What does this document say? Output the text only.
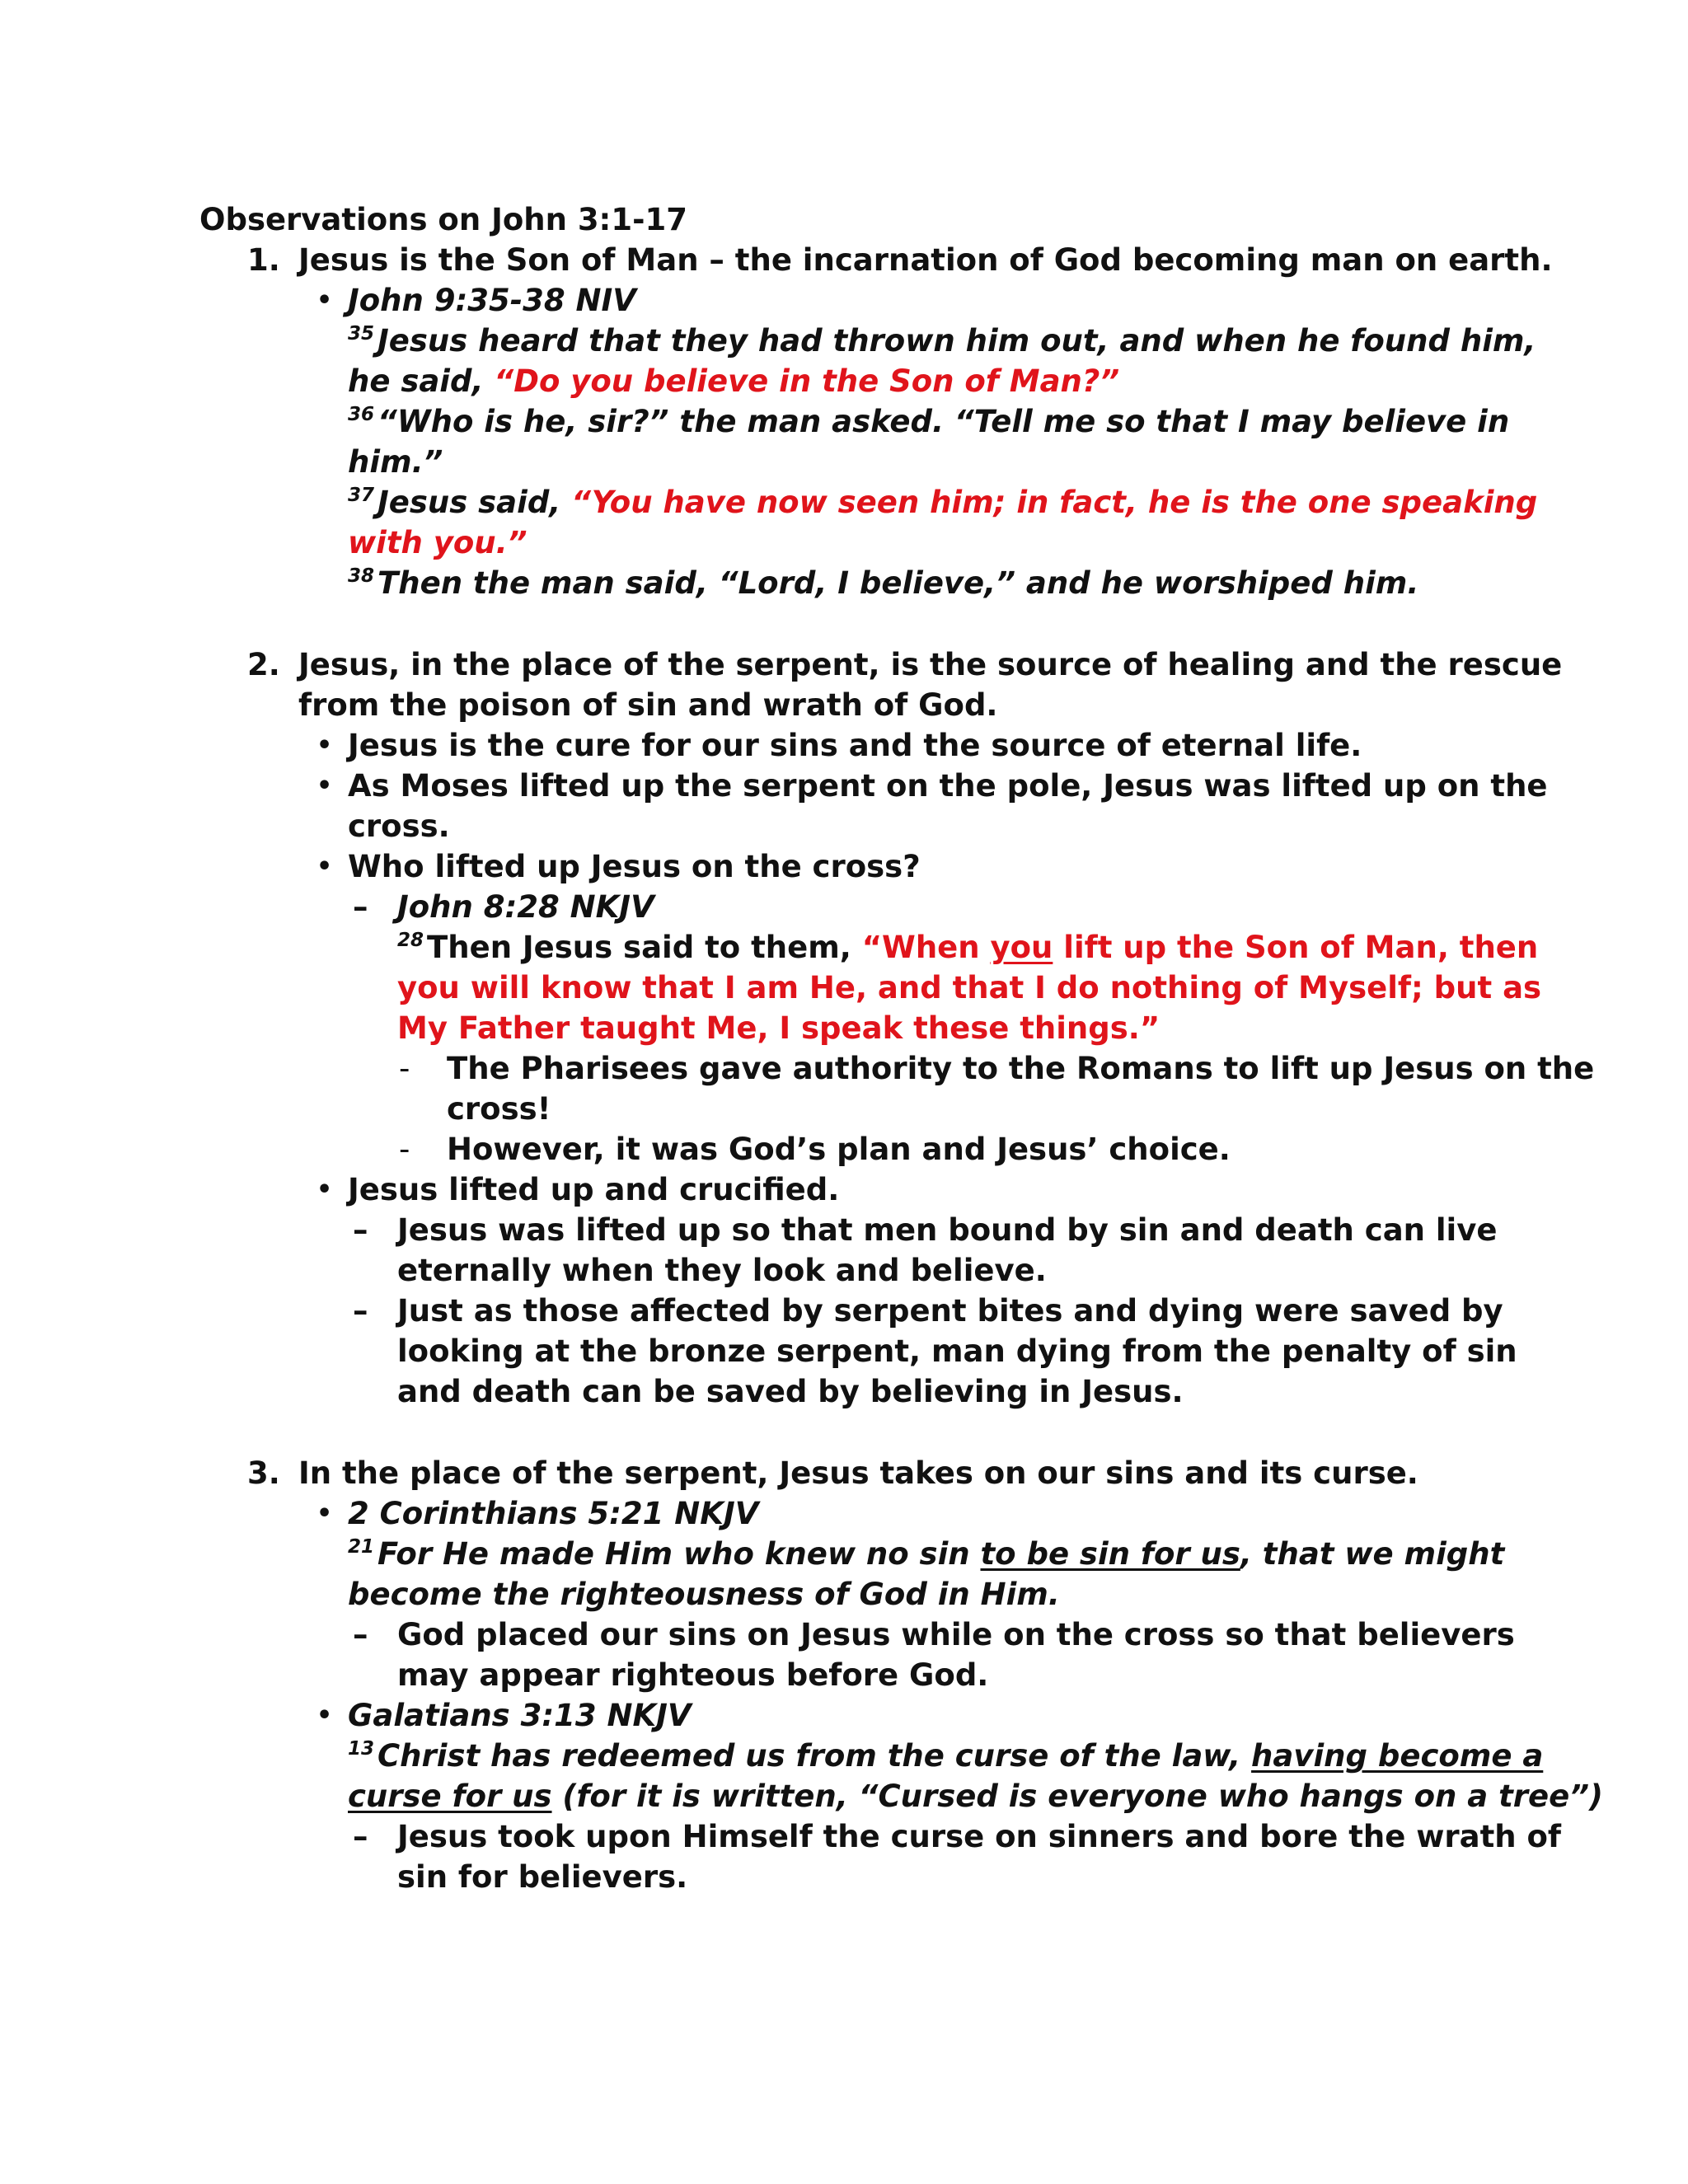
Observations on John 3:1-17
1. Jesus is the Son of Man – the incarnation of God becoming man on earth.
• John 9:35-38 NIV
$^{35}$ Jesus heard that they had thrown him out, and when he found him,
he said, “Do you believe in the Son of Man?”
$^{36}$ “Who is he, sir?” the man asked. “Tell me so that I may believe in
him.”
$^{37}$ Jesus said, “You have now seen him; in fact, he is the one speaking
with you.”
$^{38}$ Then the man said, “Lord, I believe,” and he worshiped him.
2. Jesus, in the place of the serpent, is the source of healing and the rescue
from the poison of sin and wrath of God.
• Jesus is the cure for our sins and the source of eternal life.
• As Moses lifted up the serpent on the pole, Jesus was lifted up on the
cross.
• Who lifted up Jesus on the cross?
– John 8:28 NKJV
$^{28}$ Then Jesus said to them, “When you lift up the Son of Man, then
you will know that I am He, and that I do nothing of Myself; but as
My Father taught Me, I speak these things.”
- The Pharisees gave authority to the Romans to lift up Jesus on the
cross!
- However, it was God’s plan and Jesus’ choice.
• Jesus lifted up and crucified.
– Jesus was lifted up so that men bound by sin and death can live
eternally when they look and believe.
– Just as those affected by serpent bites and dying were saved by
looking at the bronze serpent, man dying from the penalty of sin
and death can be saved by believing in Jesus.
3. In the place of the serpent, Jesus takes on our sins and its curse.
• 2 Corinthians 5:21 NKJV
$^{21}$ For He made Him who knew no sin to be sin for us, that we might
become the righteousness of God in Him.
– God placed our sins on Jesus while on the cross so that believers
may appear righteous before God.
• Galatians 3:13 NKJV
$^{13}$ Christ has redeemed us from the curse of the law, having become a
curse for us (for it is written, “Cursed is everyone who hangs on a tree”)
– Jesus took upon Himself the curse on sinners and bore the wrath of
sin for believers.
